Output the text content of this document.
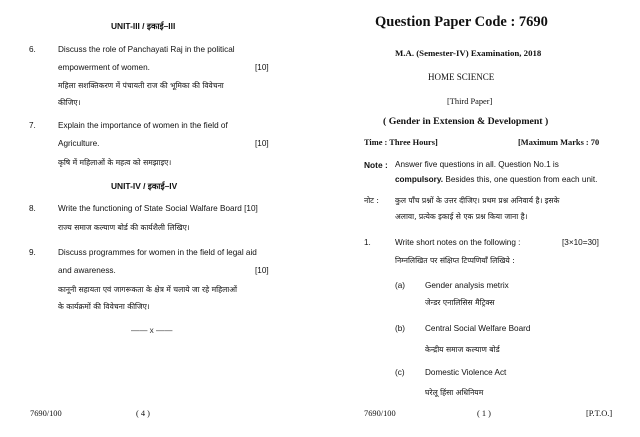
UNIT-III / इकाई–III
6.	Discuss the role of Panchayati Raj in the political
empowerment of women.	[10]
महिला सशक्तिकरण में पंचायती राज की भूमिका की विवेचना
कीजिए।
7.	Explain the importance of women in the field of
Agriculture.	[10]
कृषि में महिलाओं के महत्व को समझाइए।
UNIT-IV / इकाई–IV
8.	Write the functioning of State Social Walfare Board [10]
राज्य समाज कल्याण बोर्ड की कार्यशैली लिखिए।
9.	Discuss programmes for women in the field of legal aid
and awareness.	[10]
कानूनी सहायता एवं जागरूकता के क्षेत्र में चलाये जा रहे महिलाओं
के कार्यक्रमों की विवेचना कीजिए।
—— x ——
7690/100	( 4 )
Question Paper Code : 7690
M.A. (Semester-IV) Examination, 2018
HOME SCIENCE
[Third Paper]
( Gender in Extension & Development )
Time : Three Hours]	[Maximum Marks : 70
Note : Answer five questions in all. Question No.1 is
compulsory. Besides this, one question from each unit.
नोट : कुल पाँच प्रश्नों के उत्तर दीजिए। प्रथम प्रश्न अनिवार्य है। इसके
अलावा, प्रत्येक इकाई से एक प्रश्न किया जाना है।
1.	Write short notes on the following :	[3×10=30]
निम्नलिखित पर संक्षिप्त टिप्पणियाँ लिखिये :
(a) Gender analysis metrix
जेन्डर एनालिसिस मैट्रिक्स
(b) Central Social Welfare Board
केन्द्रीय समाज कल्याण बोर्ड
(c) Domestic Violence Act
घरेलू हिंसा अधिनियम
7690/100	( 1 )	[P.T.O.]
